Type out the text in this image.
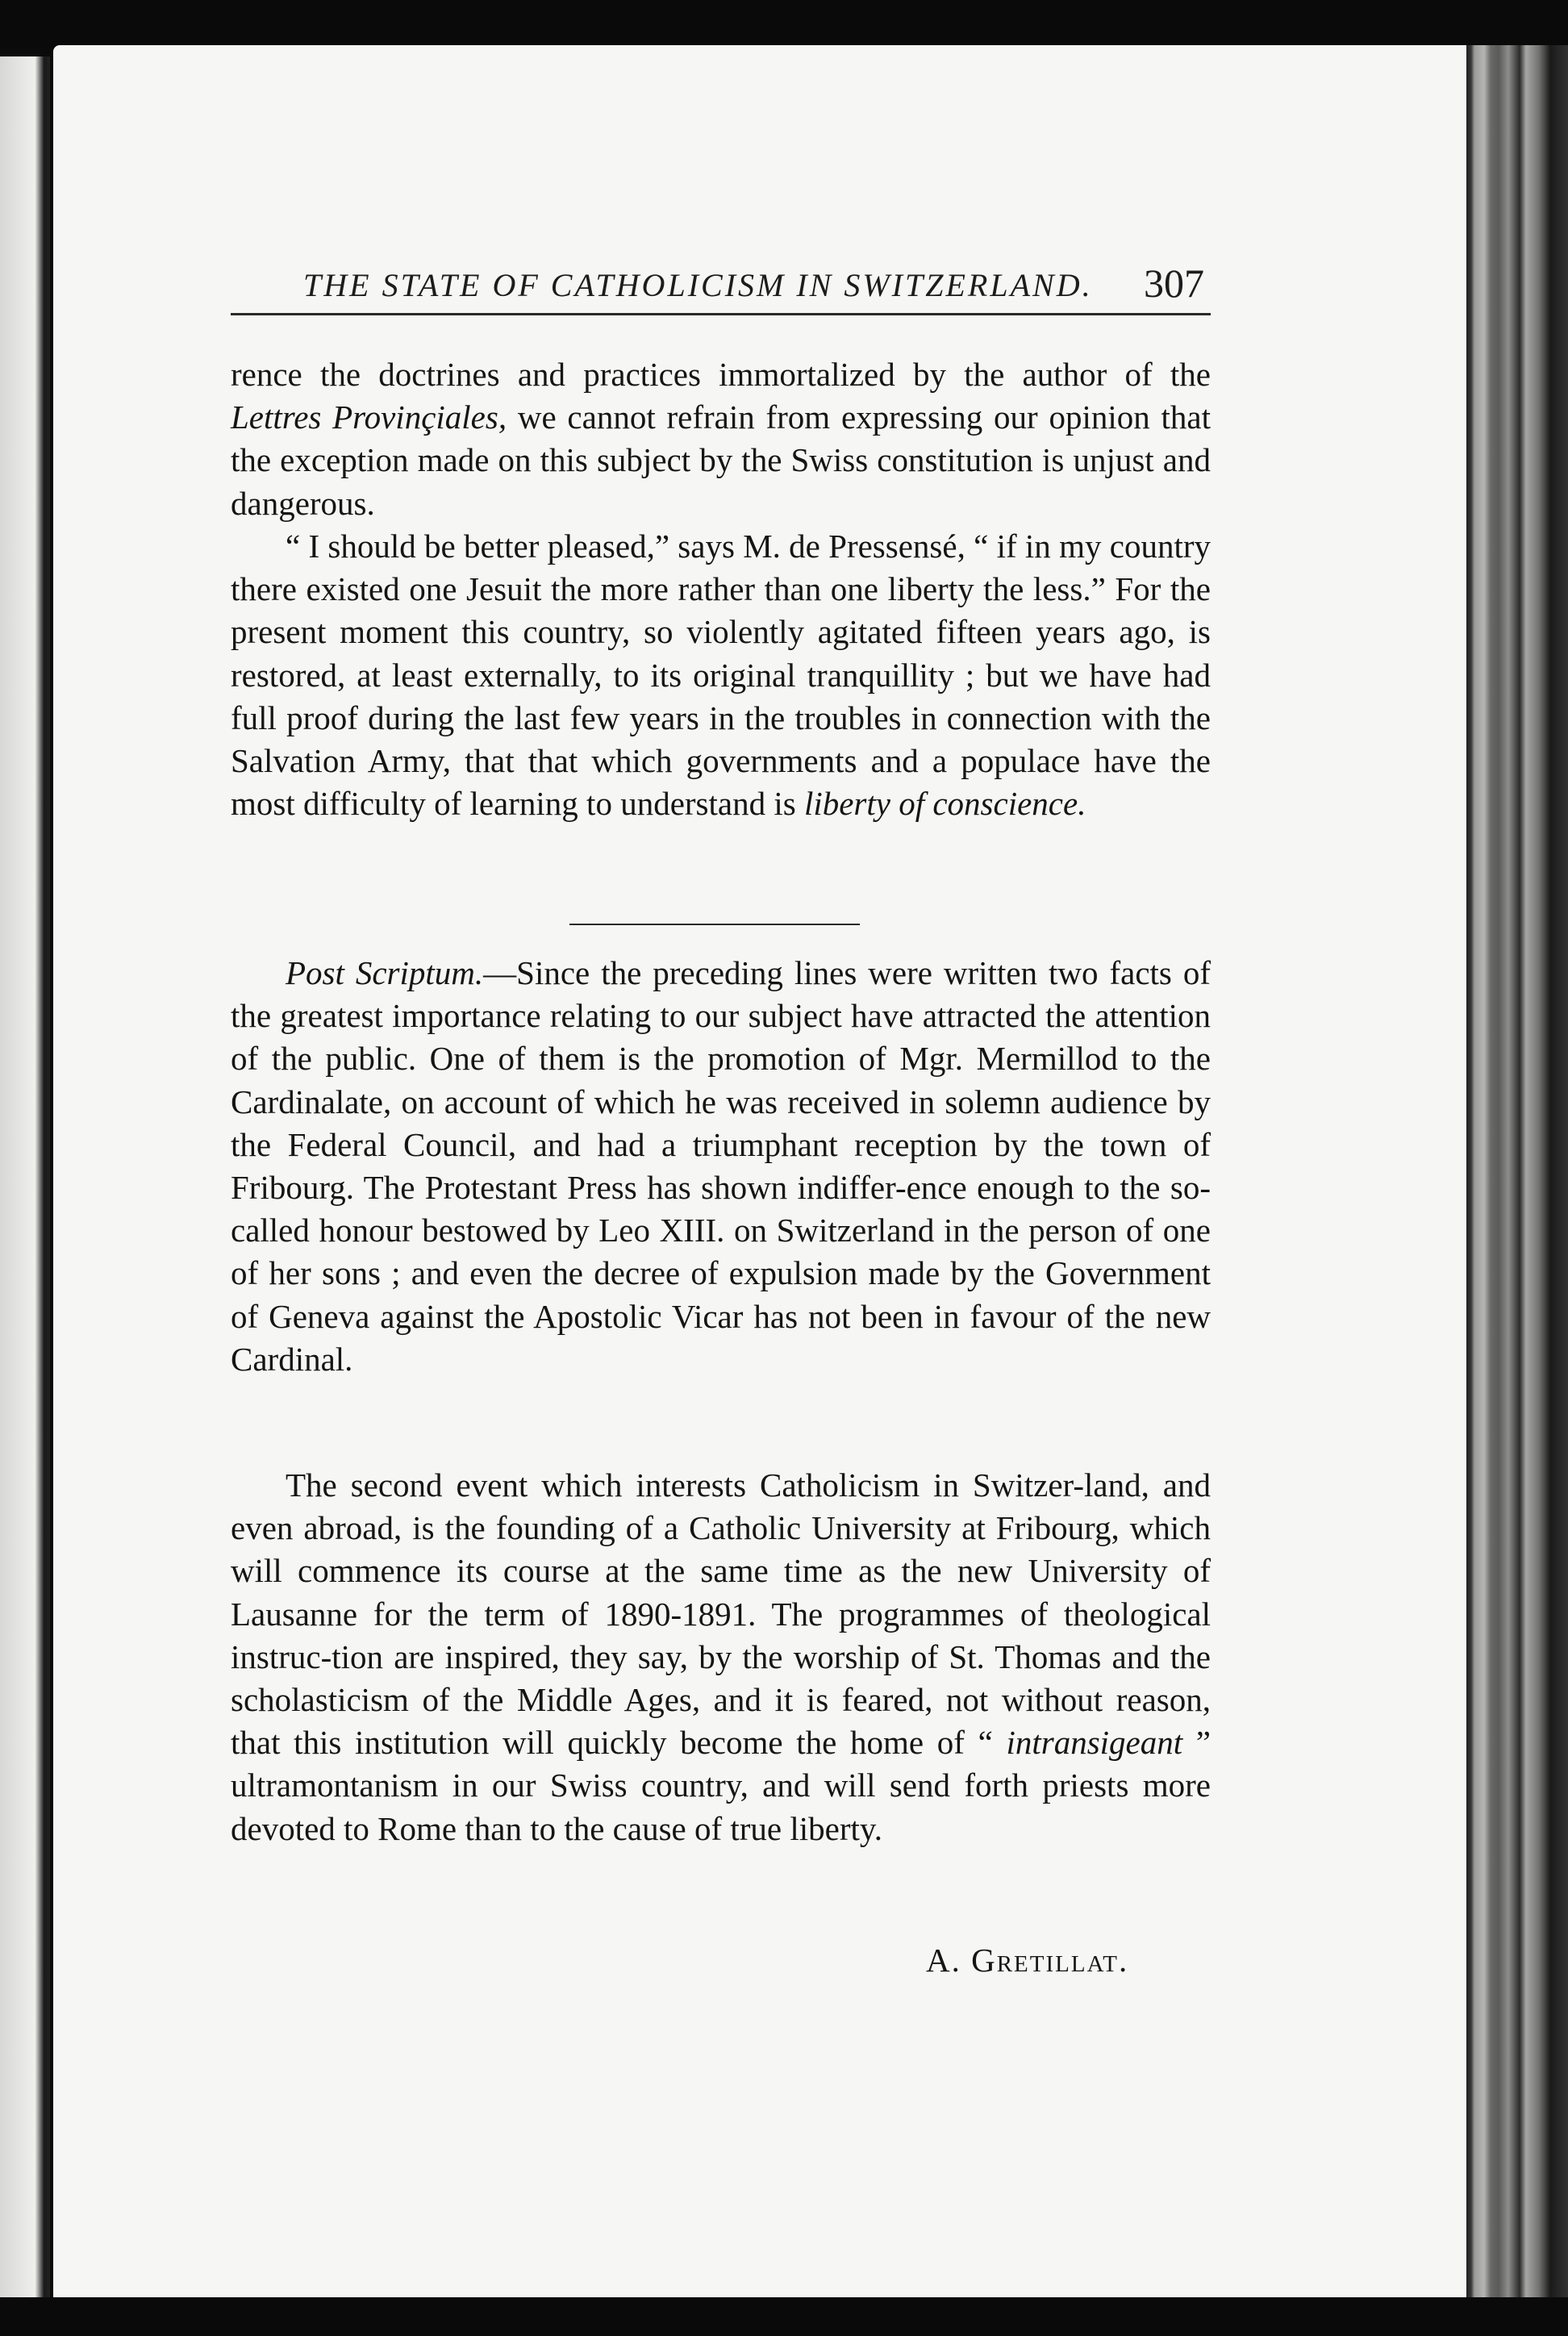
THE STATE OF CATHOLICISM IN SWITZERLAND. 307

rence the doctrines and practices immortalized by the author of the Lettres Provinçiales, we cannot refrain from expressing our opinion that the exception made on this subject by the Swiss constitution is unjust and dangerous.

“ I should be better pleased,” says M. de Pressensé, “ if in my country there existed one Jesuit the more rather than one liberty the less.” For the present moment this country, so violently agitated fifteen years ago, is restored, at least externally, to its original tranquillity ; but we have had full proof during the last few years in the troubles in connection with the Salvation Army, that that which governments and a populace have the most difficulty of learning to understand is liberty of conscience.

Post Scriptum.—Since the preceding lines were written two facts of the greatest importance relating to our subject have attracted the attention of the public. One of them is the promotion of Mgr. Mermillod to the Cardinalate, on account of which he was received in solemn audience by the Federal Council, and had a triumphant reception by the town of Fribourg. The Protestant Press has shown indiffer-ence enough to the so-called honour bestowed by Leo XIII. on Switzerland in the person of one of her sons ; and even the decree of expulsion made by the Government of Geneva against the Apostolic Vicar has not been in favour of the new Cardinal.

The second event which interests Catholicism in Switzer-land, and even abroad, is the founding of a Catholic University at Fribourg, which will commence its course at the same time as the new University of Lausanne for the term of 1890-1891. The programmes of theological instruc-tion are inspired, they say, by the worship of St. Thomas and the scholasticism of the Middle Ages, and it is feared, not without reason, that this institution will quickly become the home of “ intransigeant ” ultramontanism in our Swiss country, and will send forth priests more devoted to Rome than to the cause of true liberty.

A. Gretillat.
